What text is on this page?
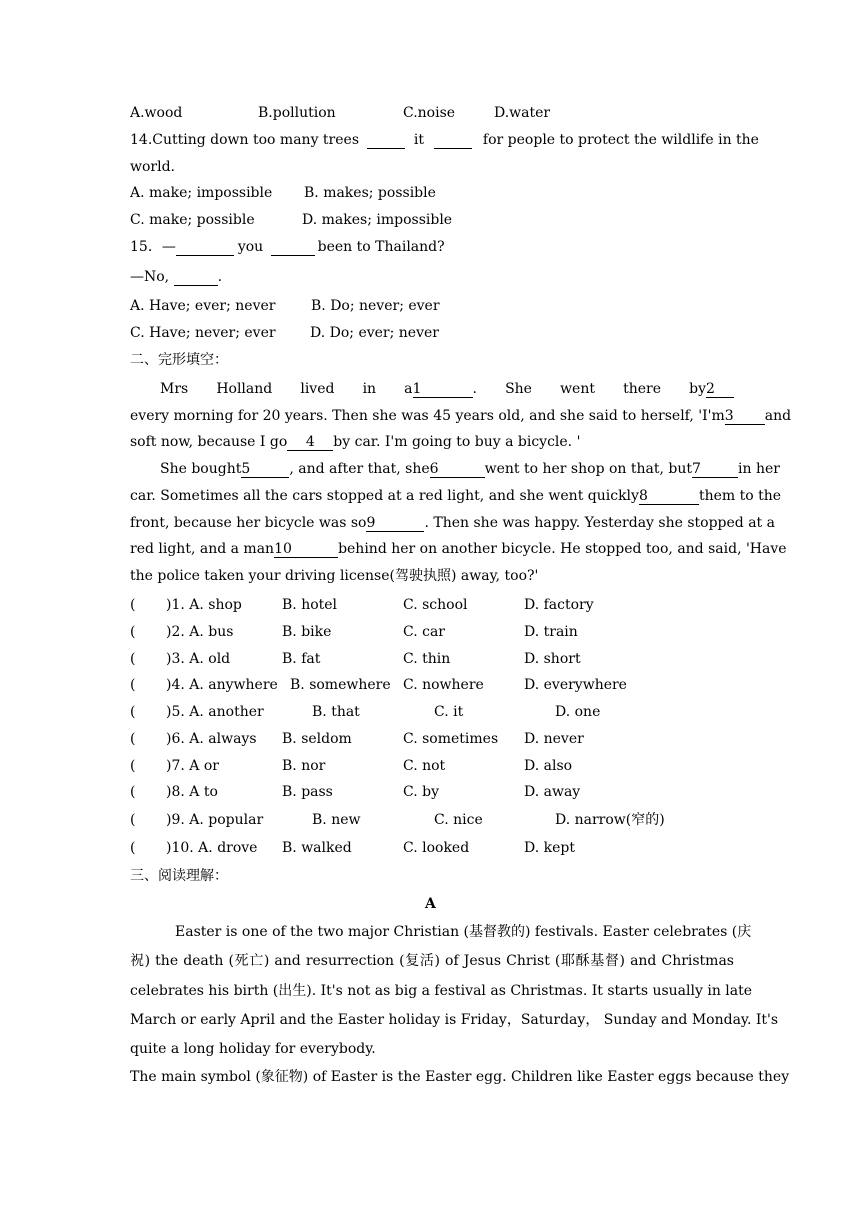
A.wood	B.pollution	C.noise	D.water
14.Cutting down too many trees	it	for people to protect the wildlife in the
world.
A. make; impossible B. makes; possible
C. make; possible	D. makes; impossible
15．—	you	been to Thailand?
—No,	.
A. Have; ever; never	B. Do; never; ever
C. Have; never; ever D. Do; ever; never
二、完形填空：
Mrs Holland lived in a1	. She went there by2
every morning for 20 years. Then she was 45 years old, and she said to herself, 'I'm3 and
soft now, because I go 4 by car. I'm going to buy a bicycle. '
She bought5	, and after that, she6	went to her shop on that, but7	in her
car. Sometimes all the cars stopped at a red light, and she went quickly8	them to the
front, because her bicycle was so9	. Then she was happy. Yesterday she stopped at a
red light, and a man10	behind her on another bicycle. He stopped too, and said, 'Have
the police taken your driving license(驾驶执照) away, too?'
( )1. A. shop	B. hotel	C. school	D. factory
( )2. A. bus	B. bike	C. car	D. train
( )3. A. old	B. fat	C. thin	D. short
( )4. A. anywhere B. somewhere C. nowhere	D. everywhere
( )5. A. another	B. that	C. it	D. one
( )6. A. always B. seldom	C. sometimes D. never
( )7. A or	B. nor	C. not	D. also
( )8. A to	B. pass	C. by	D. away
( )9. A. popular	B. new	C. nice	D. narrow(窄的)
( )10. A. drove B. walked	C. looked	D. kept
三、阅读理解：
A
Easter is one of the two major Christian (基督教的) festivals. Easter celebrates (庆
祝) the death (死亡) and resurrection (复活) of Jesus Christ (耶酥基督) and Christmas
celebrates his birth (出生). It's not as big a festival as Christmas. It starts usually in late
March or early April and the Easter holiday is Friday，Saturday， Sunday and Monday. It's
quite a long holiday for everybody.
The main symbol (象征物) of Easter is the Easter egg. Children like Easter eggs because they
